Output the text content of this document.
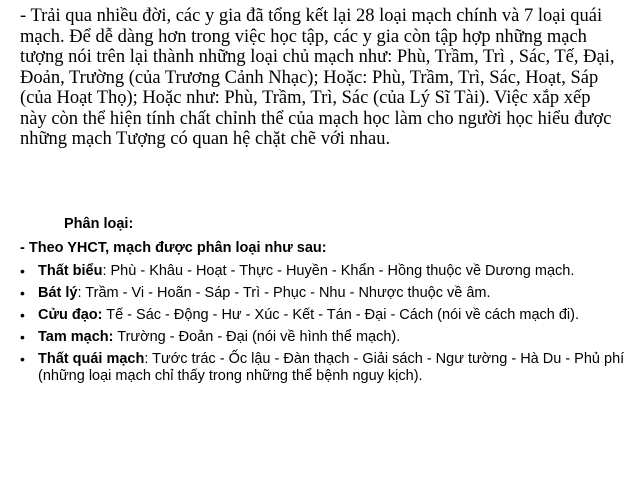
- Trải qua nhiều đời, các y gia đã tổng kết lại 28 loại mạch chính và 7 loại quái mạch. Để dễ dàng hơn trong việc học tập, các y gia còn tập hợp những mạch tượng nói trên lại thành những loại chủ mạch như: Phù, Trầm, Trì , Sác, Tế, Đại, Đoản, Trường (của Trương Cảnh Nhạc); Hoặc: Phù, Trầm, Trì, Sác, Hoạt, Sáp (của Hoạt Thọ); Hoặc như: Phù, Trầm, Trì, Sác (của Lý Sĩ Tài). Việc xắp xếp này còn thể hiện tính chất chỉnh thể của mạch học làm cho người học hiểu được những mạch Tượng có quan hệ chặt chẽ với nhau.

Phân loại:
- Theo YHCT, mạch được phân loại như sau:
• Thất biểu: Phù - Khâu - Hoạt - Thực - Huyền - Khẩn - Hồng thuộc về Dương mạch.
• Bát lý: Trầm - Vi - Hoãn - Sáp - Trì - Phục - Nhu - Nhược thuộc về âm.
• Cửu đạo: Tế - Sác - Động - Hư - Xúc - Kết - Tán - Đại - Cách (nói về cách mạch đi).
• Tam mạch: Trường - Đoản - Đại (nói về hình thể mạch).
• Thất quái mạch: Tước trác - Ốc lậu - Đàn thạch - Giải sách - Ngư tường - Hà Du - Phủ phí (những loại mạch chỉ thấy trong những thể bệnh nguy kịch).
